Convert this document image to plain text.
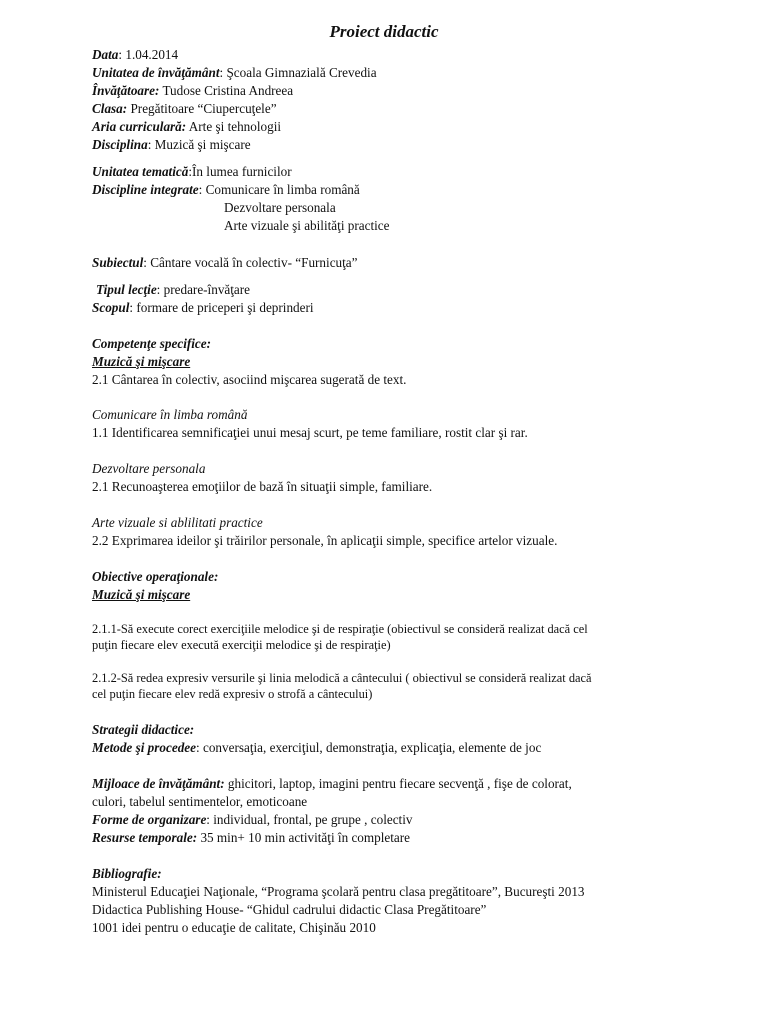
Proiect didactic
Data: 1.04.2014
Unitatea de învăţământ: Şcoala Gimnazială Crevedia
Învăţătoare: Tudose Cristina Andreea
Clasa: Pregătitoare “Ciupercuţele”
Aria curriculară: Arte şi tehnologii
Disciplina: Muzică şi mişcare
Unitatea tematică:În lumea furnicilor
Discipline integrate: Comunicare în limba română
Dezvoltare personala
Arte vizuale şi abilităţi practice
Subiectul: Cântare vocală în colectiv- “Furnicuţa”
Tipul lecţie: predare-învăţare
Scopul: formare de priceperi şi deprinderi
Competenţe specifice:
Muzică şi mişcare
2.1 Cântarea în colectiv, asociind mişcarea sugerată de text.
Comunicare în limba română
1.1 Identificarea semnificaţiei unui mesaj scurt, pe teme familiare, rostit clar şi rar.
Dezvoltare personala
2.1 Recunoaşterea emoţiilor de bază în situaţii simple, familiare.
Arte vizuale si ablilitati practice
2.2 Exprimarea ideilor şi trăirilor personale, în aplicaţii simple, specifice artelor vizuale.
Obiective operaţionale:
Muzică şi mişcare
2.1.1-Să execute corect exerciţiile melodice şi de respiraţie (obiectivul se consideră realizat dacă cel
puţin fiecare elev execută exerciţii melodice şi de respiraţie)
2.1.2-Să redea expresiv versurile şi linia melodică a cântecului ( obiectivul se consideră realizat dacă
cel puţin fiecare elev redă expresiv o strofă a cântecului)
Strategii didactice:
Metode şi procedee: conversaţia, exerciţiul, demonstraţia, explicaţia, elemente de joc
Mijloace de învăţământ: ghicitori, laptop, imagini pentru fiecare secvenţă , fişe de colorat,
culori, tabelul sentimentelor, emoticoane
Forme de organizare: individual, frontal, pe grupe , colectiv
Resurse temporale: 35 min+ 10 min activităţi în completare
Bibliografie:
Ministerul Educaţiei Naţionale, “Programa şcolară pentru clasa pregătitoare”, Bucureşti 2013
Didactica Publishing House- “Ghidul cadrului didactic Clasa Pregătitoare”
1001 idei pentru o educaţie de calitate, Chişinău 2010
